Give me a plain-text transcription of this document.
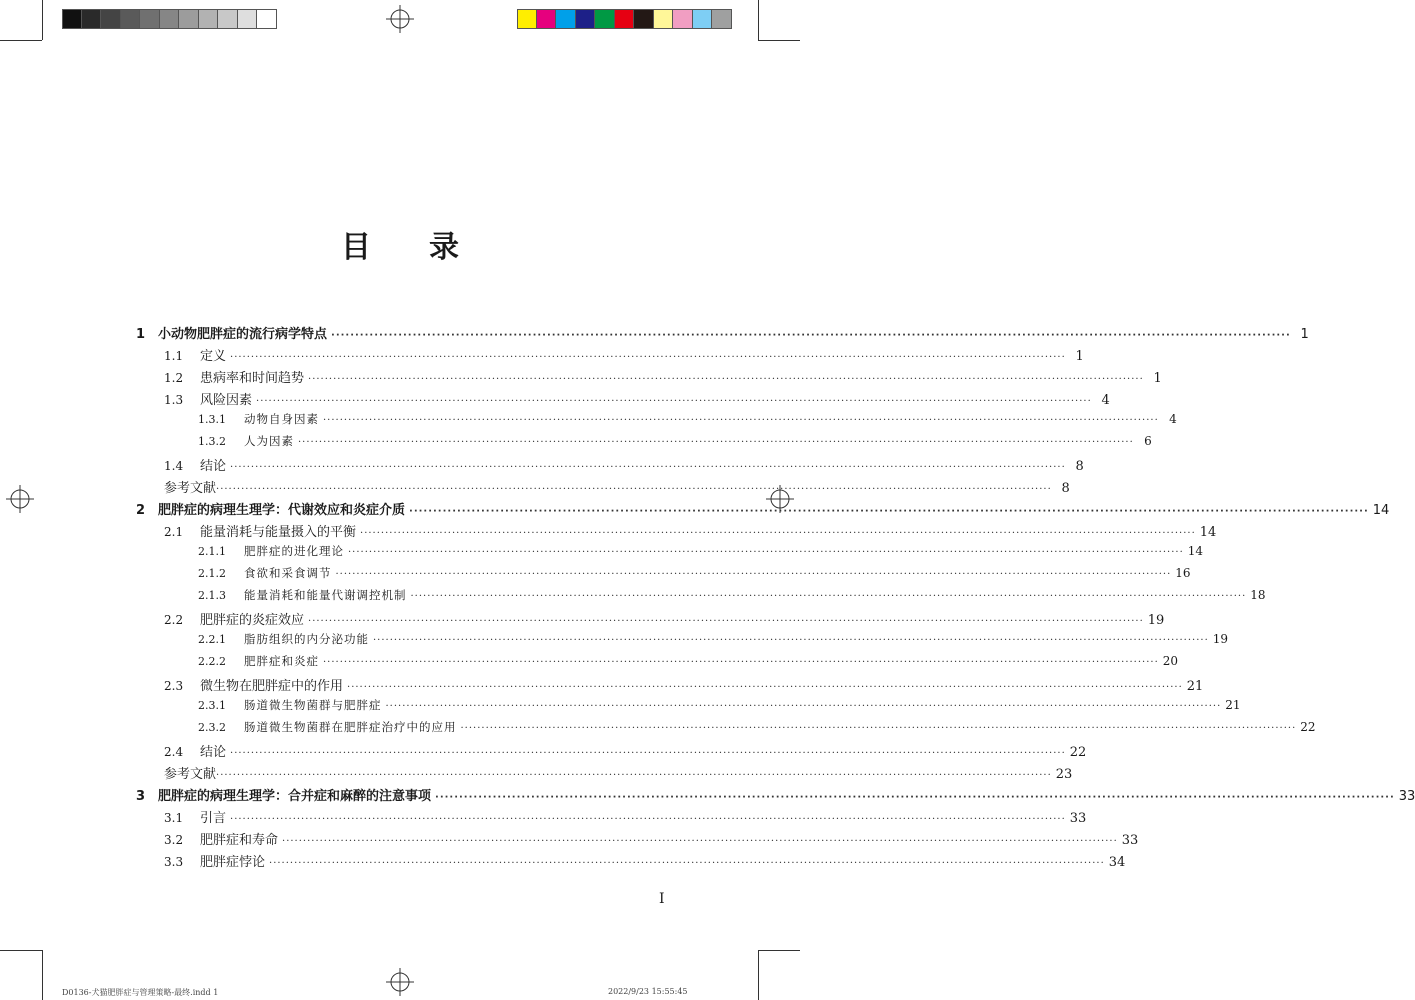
目　录
1 小动物肥胖症的流行病学特点 ········································································································································································································ 1
1.1	定义 ········································································································································································································ 1
1.2	患病率和时间趋势 ········································································································································································································ 1
1.3	风险因素 ········································································································································································································ 4
1.3.1	动物自身因素 ········································································································································································································ 4
1.3.2	人为因素 ········································································································································································································ 6
1.4	结论 ········································································································································································································ 8
参考文献 ········································································································································································································ 8
2 肥胖症的病理生理学：代谢效应和炎症介质 ········································································································································································································ 14
2.1	能量消耗与能量摄入的平衡 ········································································································································································································ 14
2.1.1	肥胖症的进化理论 ········································································································································································································ 14
2.1.2	食欲和采食调节 ········································································································································································································ 16
2.1.3	能量消耗和能量代谢调控机制 ········································································································································································································ 18
2.2	肥胖症的炎症效应 ········································································································································································································ 19
2.2.1	脂肪组织的内分泌功能 ········································································································································································································ 19
2.2.2	肥胖症和炎症 ········································································································································································································ 20
2.3	微生物在肥胖症中的作用 ········································································································································································································ 21
2.3.1	肠道微生物菌群与肥胖症 ········································································································································································································ 21
2.3.2	肠道微生物菌群在肥胖症治疗中的应用 ········································································································································································································ 22
2.4	结论 ········································································································································································································ 22
参考文献 ········································································································································································································ 23
3 肥胖症的病理生理学：合并症和麻醉的注意事项 ········································································································································································································ 33
3.1	引言 ········································································································································································································ 33
3.2	肥胖症和寿命 ········································································································································································································ 33
3.3	肥胖症悖论 ········································································································································································································ 34
I
D0136-犬猫肥胖症与管理策略-最终.indd 1	2022/9/23 15:55:45
